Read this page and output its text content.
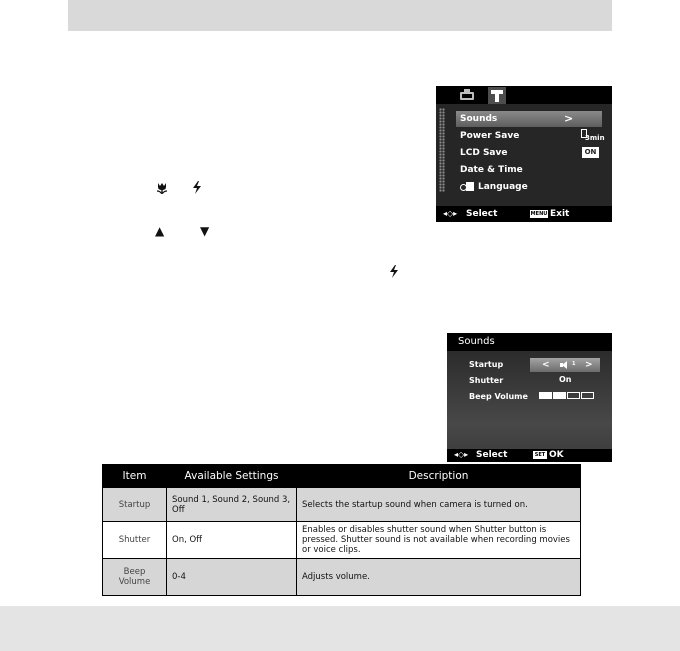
▲	▼
Sounds	>
Power Save	3min
LCD Save	ON
Date & Time
Language
◂◇▸ Select	MENU Exit
Sounds
Startup	<	1 >
Shutter	On
Beep Volume
◂◇▸ Select	SET OK
Item	Available Settings	Description
Startup	Sound 1, Sound 2, Sound 3, Off	Selects the startup sound when camera is turned on.
Shutter	On, Off	Enables or disables shutter sound when Shutter button is pressed. Shutter sound is not available when recording movies or voice clips.
Beep Volume	0-4	Adjusts volume.
